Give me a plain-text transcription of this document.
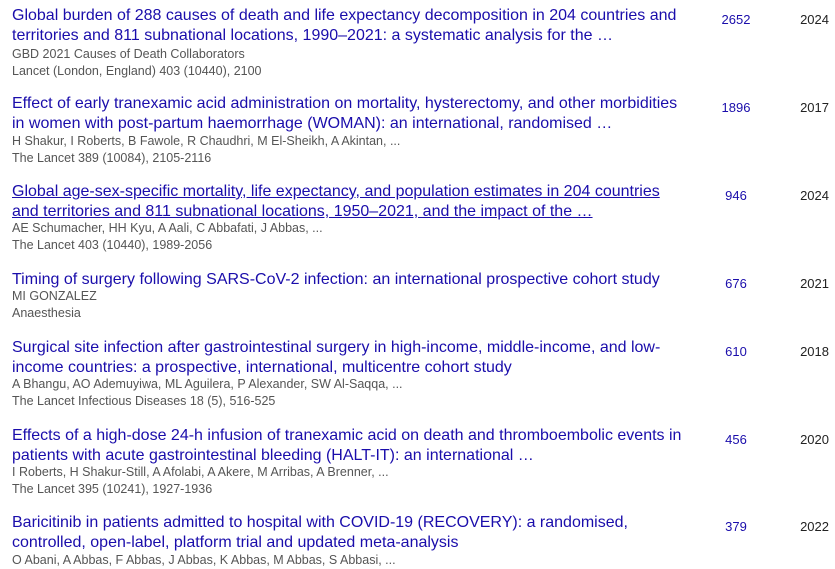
Global burden of 288 causes of death and life expectancy decomposition in 204 countries and territories and 811 subnational locations, 1990–2021: a systematic analysis for the …
GBD 2021 Causes of Death Collaborators
Lancet (London, England) 403 (10440), 2100
2652	2024
Effect of early tranexamic acid administration on mortality, hysterectomy, and other morbidities in women with post-partum haemorrhage (WOMAN): an international, randomised …
H Shakur, I Roberts, B Fawole, R Chaudhri, M El-Sheikh, A Akintan, ...
The Lancet 389 (10084), 2105-2116
1896	2017
Global age-sex-specific mortality, life expectancy, and population estimates in 204 countries and territories and 811 subnational locations, 1950–2021, and the impact of the …
AE Schumacher, HH Kyu, A Aali, C Abbafati, J Abbas, ...
The Lancet 403 (10440), 1989-2056
946	2024
Timing of surgery following SARS-CoV-2 infection: an international prospective cohort study
MI GONZALEZ
Anaesthesia
676	2021
Surgical site infection after gastrointestinal surgery in high-income, middle-income, and low-income countries: a prospective, international, multicentre cohort study
A Bhangu, AO Ademuyiwa, ML Aguilera, P Alexander, SW Al-Saqqa, ...
The Lancet Infectious Diseases 18 (5), 516-525
610	2018
Effects of a high-dose 24-h infusion of tranexamic acid on death and thromboembolic events in patients with acute gastrointestinal bleeding (HALT-IT): an international …
I Roberts, H Shakur-Still, A Afolabi, A Akere, M Arribas, A Brenner, ...
The Lancet 395 (10241), 1927-1936
456	2020
Baricitinib in patients admitted to hospital with COVID-19 (RECOVERY): a randomised, controlled, open-label, platform trial and updated meta-analysis
O Abani, A Abbas, F Abbas, J Abbas, K Abbas, M Abbas, S Abbasi, ...
379	2022
